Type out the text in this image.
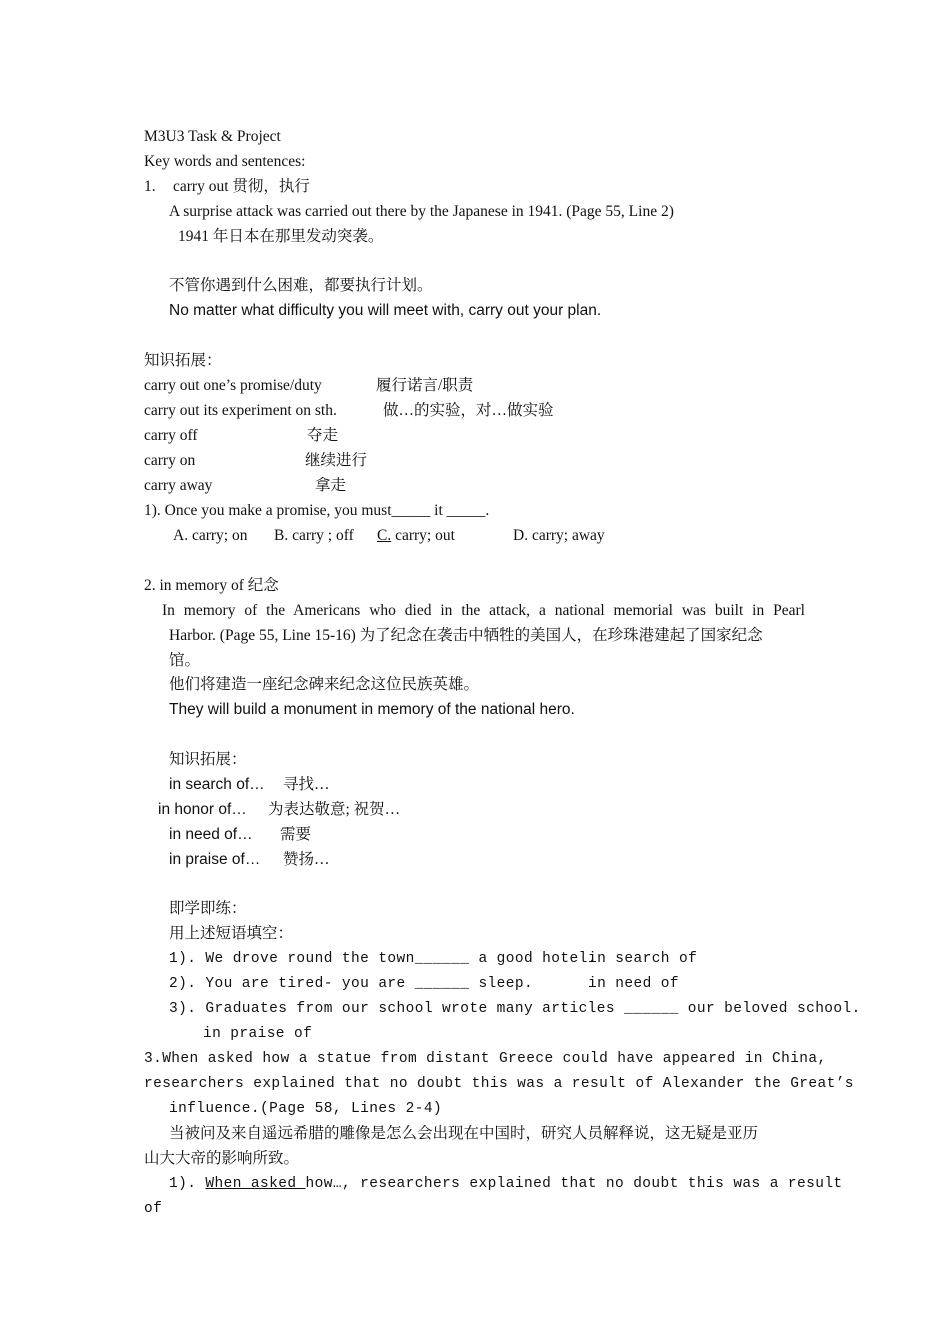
M3U3 Task & Project
Key words and sentences:
1. carry out 贯彻，执行
A surprise attack was carried out there by the Japanese in 1941. (Page 55, Line 2)
1941 年日本在那里发动突袭。
不管你遇到什么困难，都要执行计划。
No matter what difficulty you will meet with, carry out your plan.
知识拓展：
carry out one’s promise/duty	履行诺言/职责
carry out its experiment on sth.	做…的实验，对…做实验
carry off	夺走
carry on	继续进行
carry away	拿走
1). Once you make a promise, you must_____ it _____.
A. carry; on B. carry ; off C. carry; out	D. carry; away
2. in memory of 纪念
In memory of the Americans who died in the attack, a national memorial was built in Pearl
Harbor. (Page 55, Line 15-16) 为了纪念在袭击中牺牲的美国人，在珍珠港建起了国家纪念
馆。
他们将建造一座纪念碑来纪念这位民族英雄。
They will build a monument in memory of the national hero.
知识拓展：
in search of… 寻找…
in honor of… 为表达敬意; 祝贺…
in need of… 需要
in praise of… 赞扬…
即学即练：
用上述短语填空：
1). We drove round the town______ a good hotel.
in search of
2). You are tired- you are ______ sleep.	in need of
3). Graduates from our school wrote many articles ______ our beloved school.
in praise of
3.When asked how a statue from distant Greece could have appeared in China,
researchers explained that no doubt this was a result of Alexander the Great’s
influence.(Page 58, Lines 2-4)
当被问及来自遥远希腊的雕像是怎么会出现在中国时，研究人员解释说，这无疑是亚历
山大大帝的影响所致。
1). When asked how…, researchers explained that no doubt this was a result
of
